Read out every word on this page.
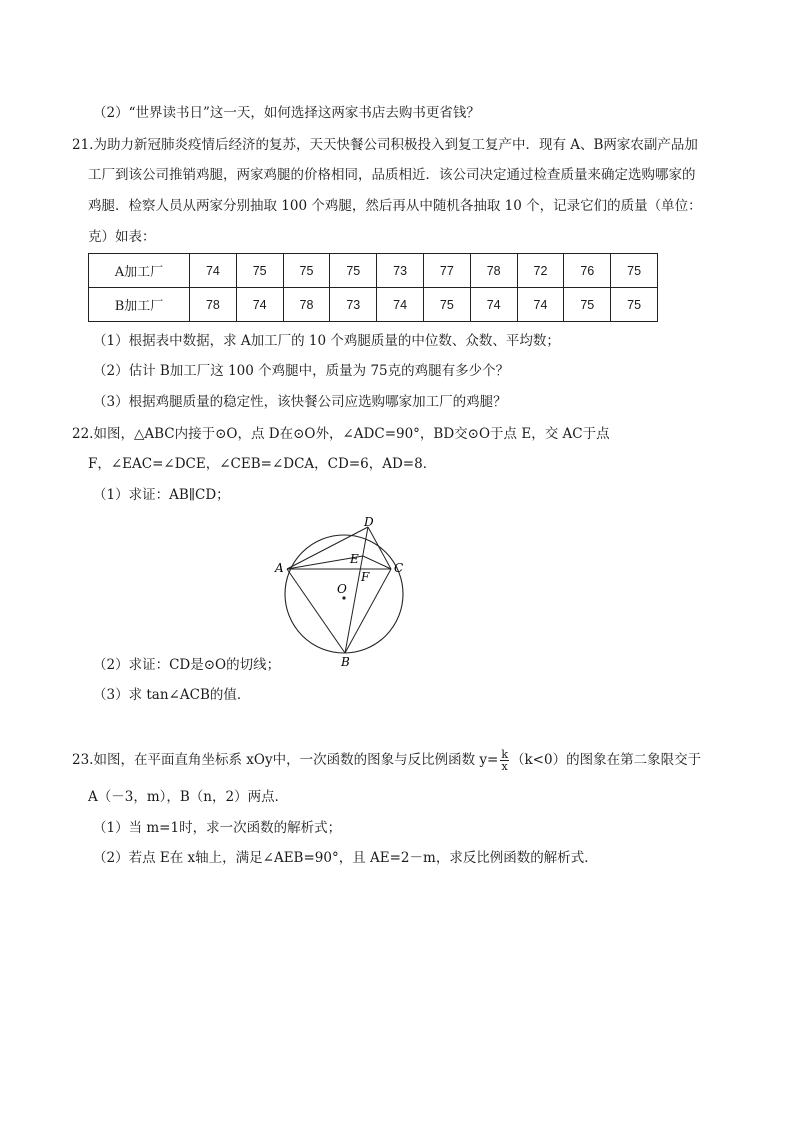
（2）“世界读书日”这一天，如何选择这两家书店去购书更省钱？
21.为助力新冠肺炎疫情后经济的复苏，天天快餐公司积极投入到复工复产中．现有 A、B两家农副产品加
工厂到该公司推销鸡腿，两家鸡腿的价格相同，品质相近．该公司决定通过检查质量来确定选购哪家的
鸡腿．检察人员从两家分别抽取 100 个鸡腿，然后再从中随机各抽取 10 个，记录它们的质量（单位：
克）如表：
A加工厂	74	75	75	75	73	77	78	72	76	75
B加工厂	78	74	78	73	74	75	74	74	75	75
（1）根据表中数据，求 A加工厂的 10 个鸡腿质量的中位数、众数、平均数；
（2）估计 B加工厂这 100 个鸡腿中，质量为 75克的鸡腿有多少个？
（3）根据鸡腿质量的稳定性，该快餐公司应选购哪家加工厂的鸡腿？
22.如图，△ABC内接于⊙O，点 D在⊙O外，∠ADC=90°，BD交⊙O于点 E，交 AC于点
F，∠EAC=∠DCE，∠CEB=∠DCA，CD=6，AD=8．
（1）求证：AB∥CD；
A
B
C
D
E
F
O
（2）求证：CD是⊙O的切线；
（3）求 tan∠ACB的值．
23.如图，在平面直角坐标系 xOy中，一次函数的图象与反比例函数 $y= \frac{k}{x} (k<0)$的图象在第二象限交于
A（－3，m），B（n，2）两点．
（1）当 m=1时，求一次函数的解析式；
（2）若点 E在 x轴上，满足∠AEB=90°，且 AE=2－m，求反比例函数的解析式．
